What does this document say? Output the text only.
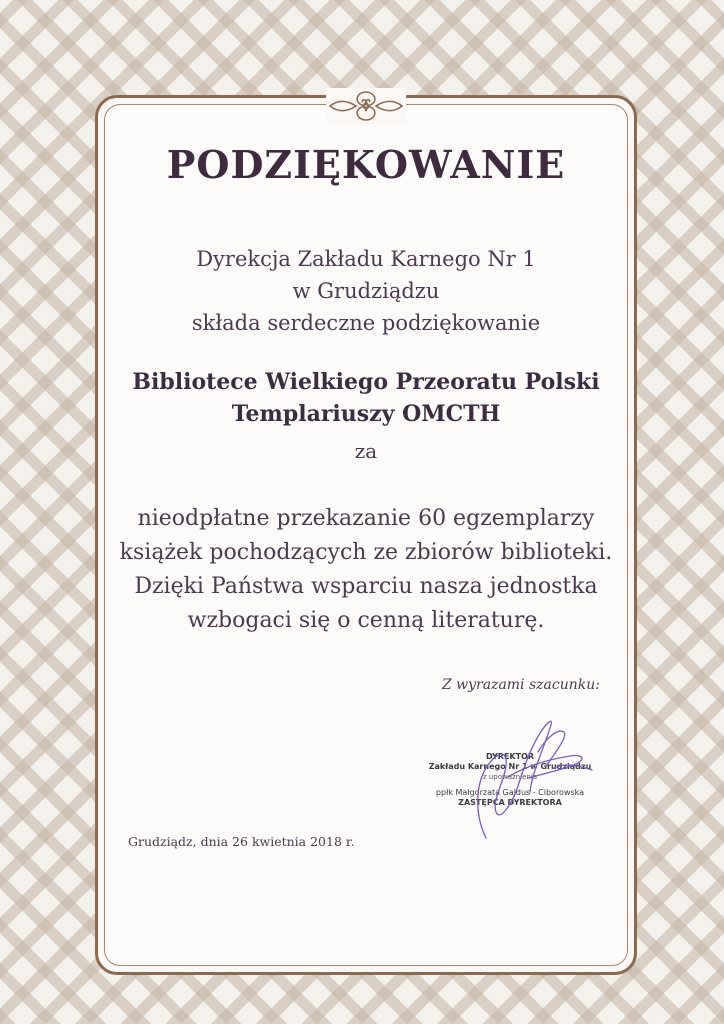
PODZIĘKOWANIE
Dyrekcja Zakładu Karnego Nr 1
w Grudziądzu
składa serdeczne podziękowanie
Bibliotece Wielkiego Przeoratu Polski
Templariuszy OMCTH
za
nieodpłatne przekazanie 60 egzemplarzy
książek pochodzących ze zbiorów biblioteki.
Dzięki Państwa wsparciu nasza jednostka
wzbogaci się o cenną literaturę.
Z wyrazami szacunku:
DYREKTOR
Zakładu Karnego Nr 1 w Grudziądzu
z upoważnienia
ppłk Małgorzata Gajdus - Ciborowska
ZASTĘPCA DYREKTORA
Grudziądz, dnia 26 kwietnia 2018 r.
